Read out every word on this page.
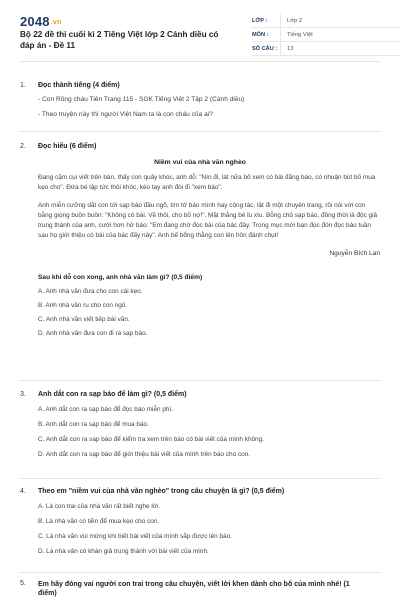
2048.vn
Bộ 22 đề thi cuối kì 2 Tiếng Việt lớp 2 Cánh diều có đáp án - Đề 11
LỚP :	Lớp 2
MÔN :	Tiếng Việt
SỐ CÂU :	13
1. Đọc thành tiếng (4 điểm)
- Con Rồng cháu Tiên Trang 115 - SGK Tiếng Việt 2 Tập 2 (Cánh diều)
- Theo truyện này thì người Việt Nam ta là con cháu của ai?
2. Đọc hiểu (6 điểm)
Niềm vui của nhà văn nghèo
Đang cặm cụi viết trên bàn, thấy con quấy khóc, anh dỗ: "Nín đi, lát nữa bố xem có bài đăng báo, có nhuận bút bố mua kẹo cho". Đứa bé lập tức thôi khóc, kéo tay anh đòi đi "xem báo".
Anh miễn cưỡng dắt con tới sạp báo đầu ngõ, tìm tờ báo mình hay cộng tác, lật đi một chuyên trang, rồi nói với con bằng giọng buồn buồn: "Không có bài. Về thôi, cho bố nợ!". Mặt thằng bé ỉu xìu. Bỗng chủ sạp báo, đồng thời là độc giả trung thành của anh, cười hơn hở báo: "Em đang chờ đọc bài của bác đây. Trong mục mời bạn đọc đón đọc báo tuần sau họ giới thiệu có bài của bác đấy này". Anh bế bổng thằng con lên hôn đánh chụt!
Nguyễn Bích Lan
Sau khi dỗ con xong, anh nhà văn làm gì? (0,5 điểm)
A. Anh nhà văn đưa cho con cái kẹo.
B. Anh nhà văn ru cho con ngủ.
C. Anh nhà văn viết tiếp bài văn.
D. Anh nhà văn đưa con đi ra sạp báo.
3. Anh dắt con ra sạp báo để làm gì? (0,5 điểm)
A. Anh dắt con ra sạp báo để đọc báo miễn phí.
B. Anh dắt con ra sạp báo để mua báo.
C. Anh dắt con ra sạp báo để kiểm tra xem trên báo có bài viết của mình không.
D. Anh dắt con ra sạp báo để giới thiệu bài viết của mình trên báo cho con.
4. Theo em "niềm vui của nhà văn nghèo" trong câu chuyện là gì? (0,5 điểm)
A. Là con trai của nhà văn rất biết nghe lời.
B. Là nhà văn có tiền để mua kẹo cho con.
C. Là nhà văn vui mừng khi biết bài viết của mình sắp được lên báo.
D. Là nhà văn có khán giả trung thành với bài viết của mình.
5. Em hãy đóng vai người con trai trong câu chuyện, viết lời khen dành cho bố của mình nhé! (1
điểm)
